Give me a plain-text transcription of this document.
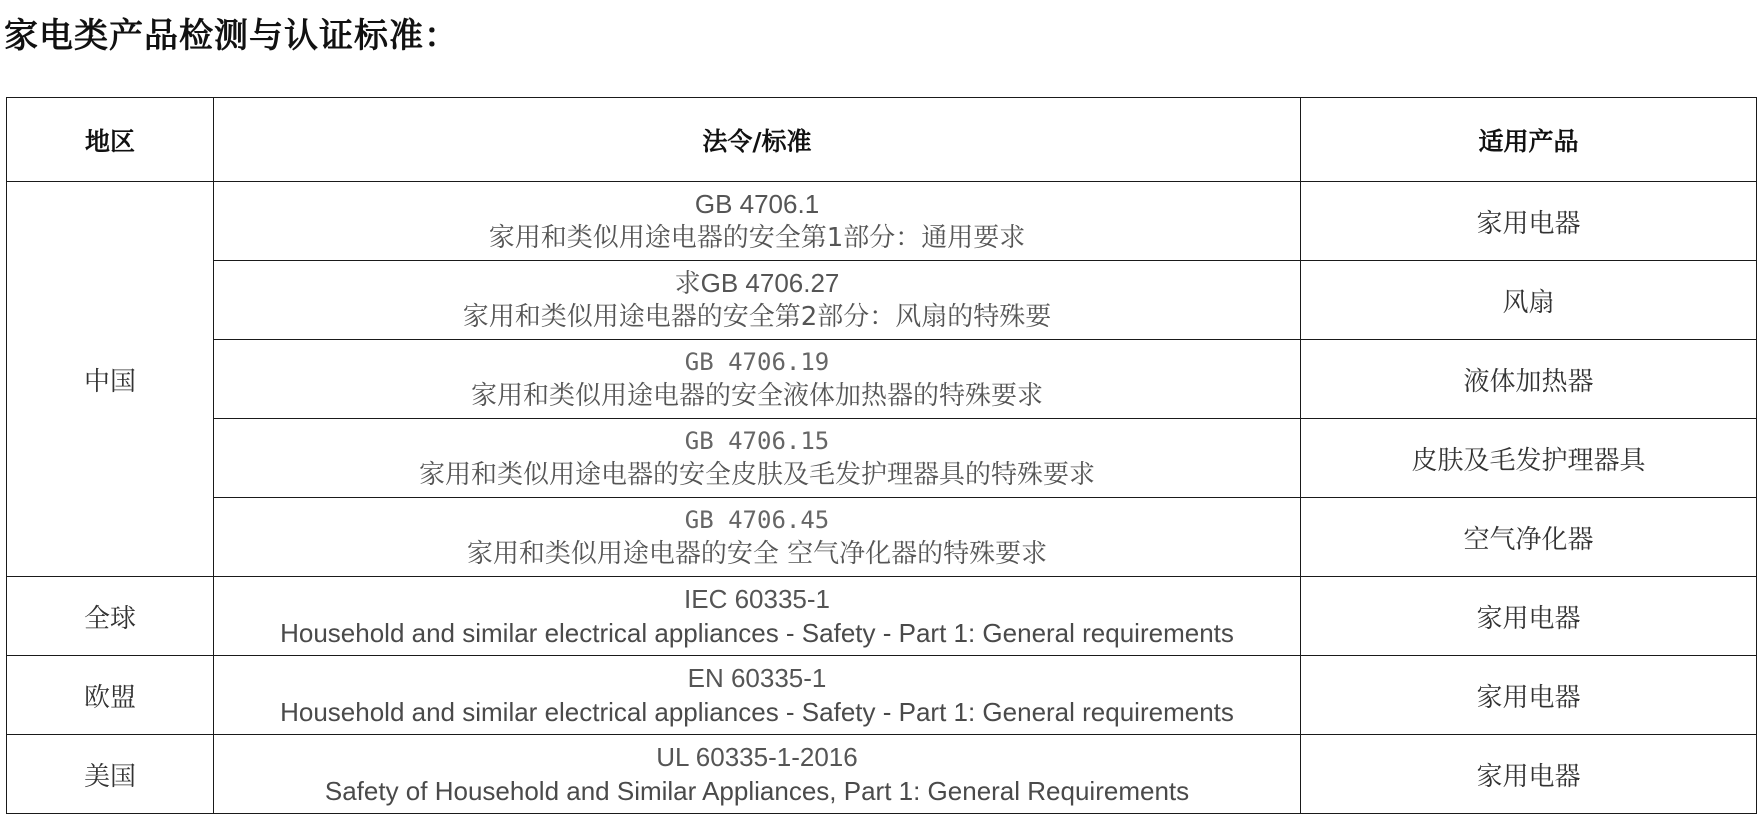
家电类产品检测与认证标准：
地区	法令/标准	适用产品
中国	GB 4706.1
家用和类似用途电器的安全第1部分：通用要求	家用电器

	求GB 4706.27
家用和类似用途电器的安全第2部分：风扇的特殊要	风扇

	GB 4706.19
家用和类似用途电器的安全液体加热器的特殊要求	液体加热器

	GB 4706.15
家用和类似用途电器的安全皮肤及毛发护理器具的特殊要求	皮肤及毛发护理器具

	GB 4706.45
家用和类似用途电器的安全 空气净化器的特殊要求	空气净化器
全球	IEC 60335-1
Household and similar electrical appliances - Safety - Part 1: General requirements	家用电器
欧盟	EN 60335-1
Household and similar electrical appliances - Safety - Part 1: General requirements	家用电器
美国	UL 60335-1-2016
Safety of Household and Similar Appliances, Part 1: General Requirements	家用电器
